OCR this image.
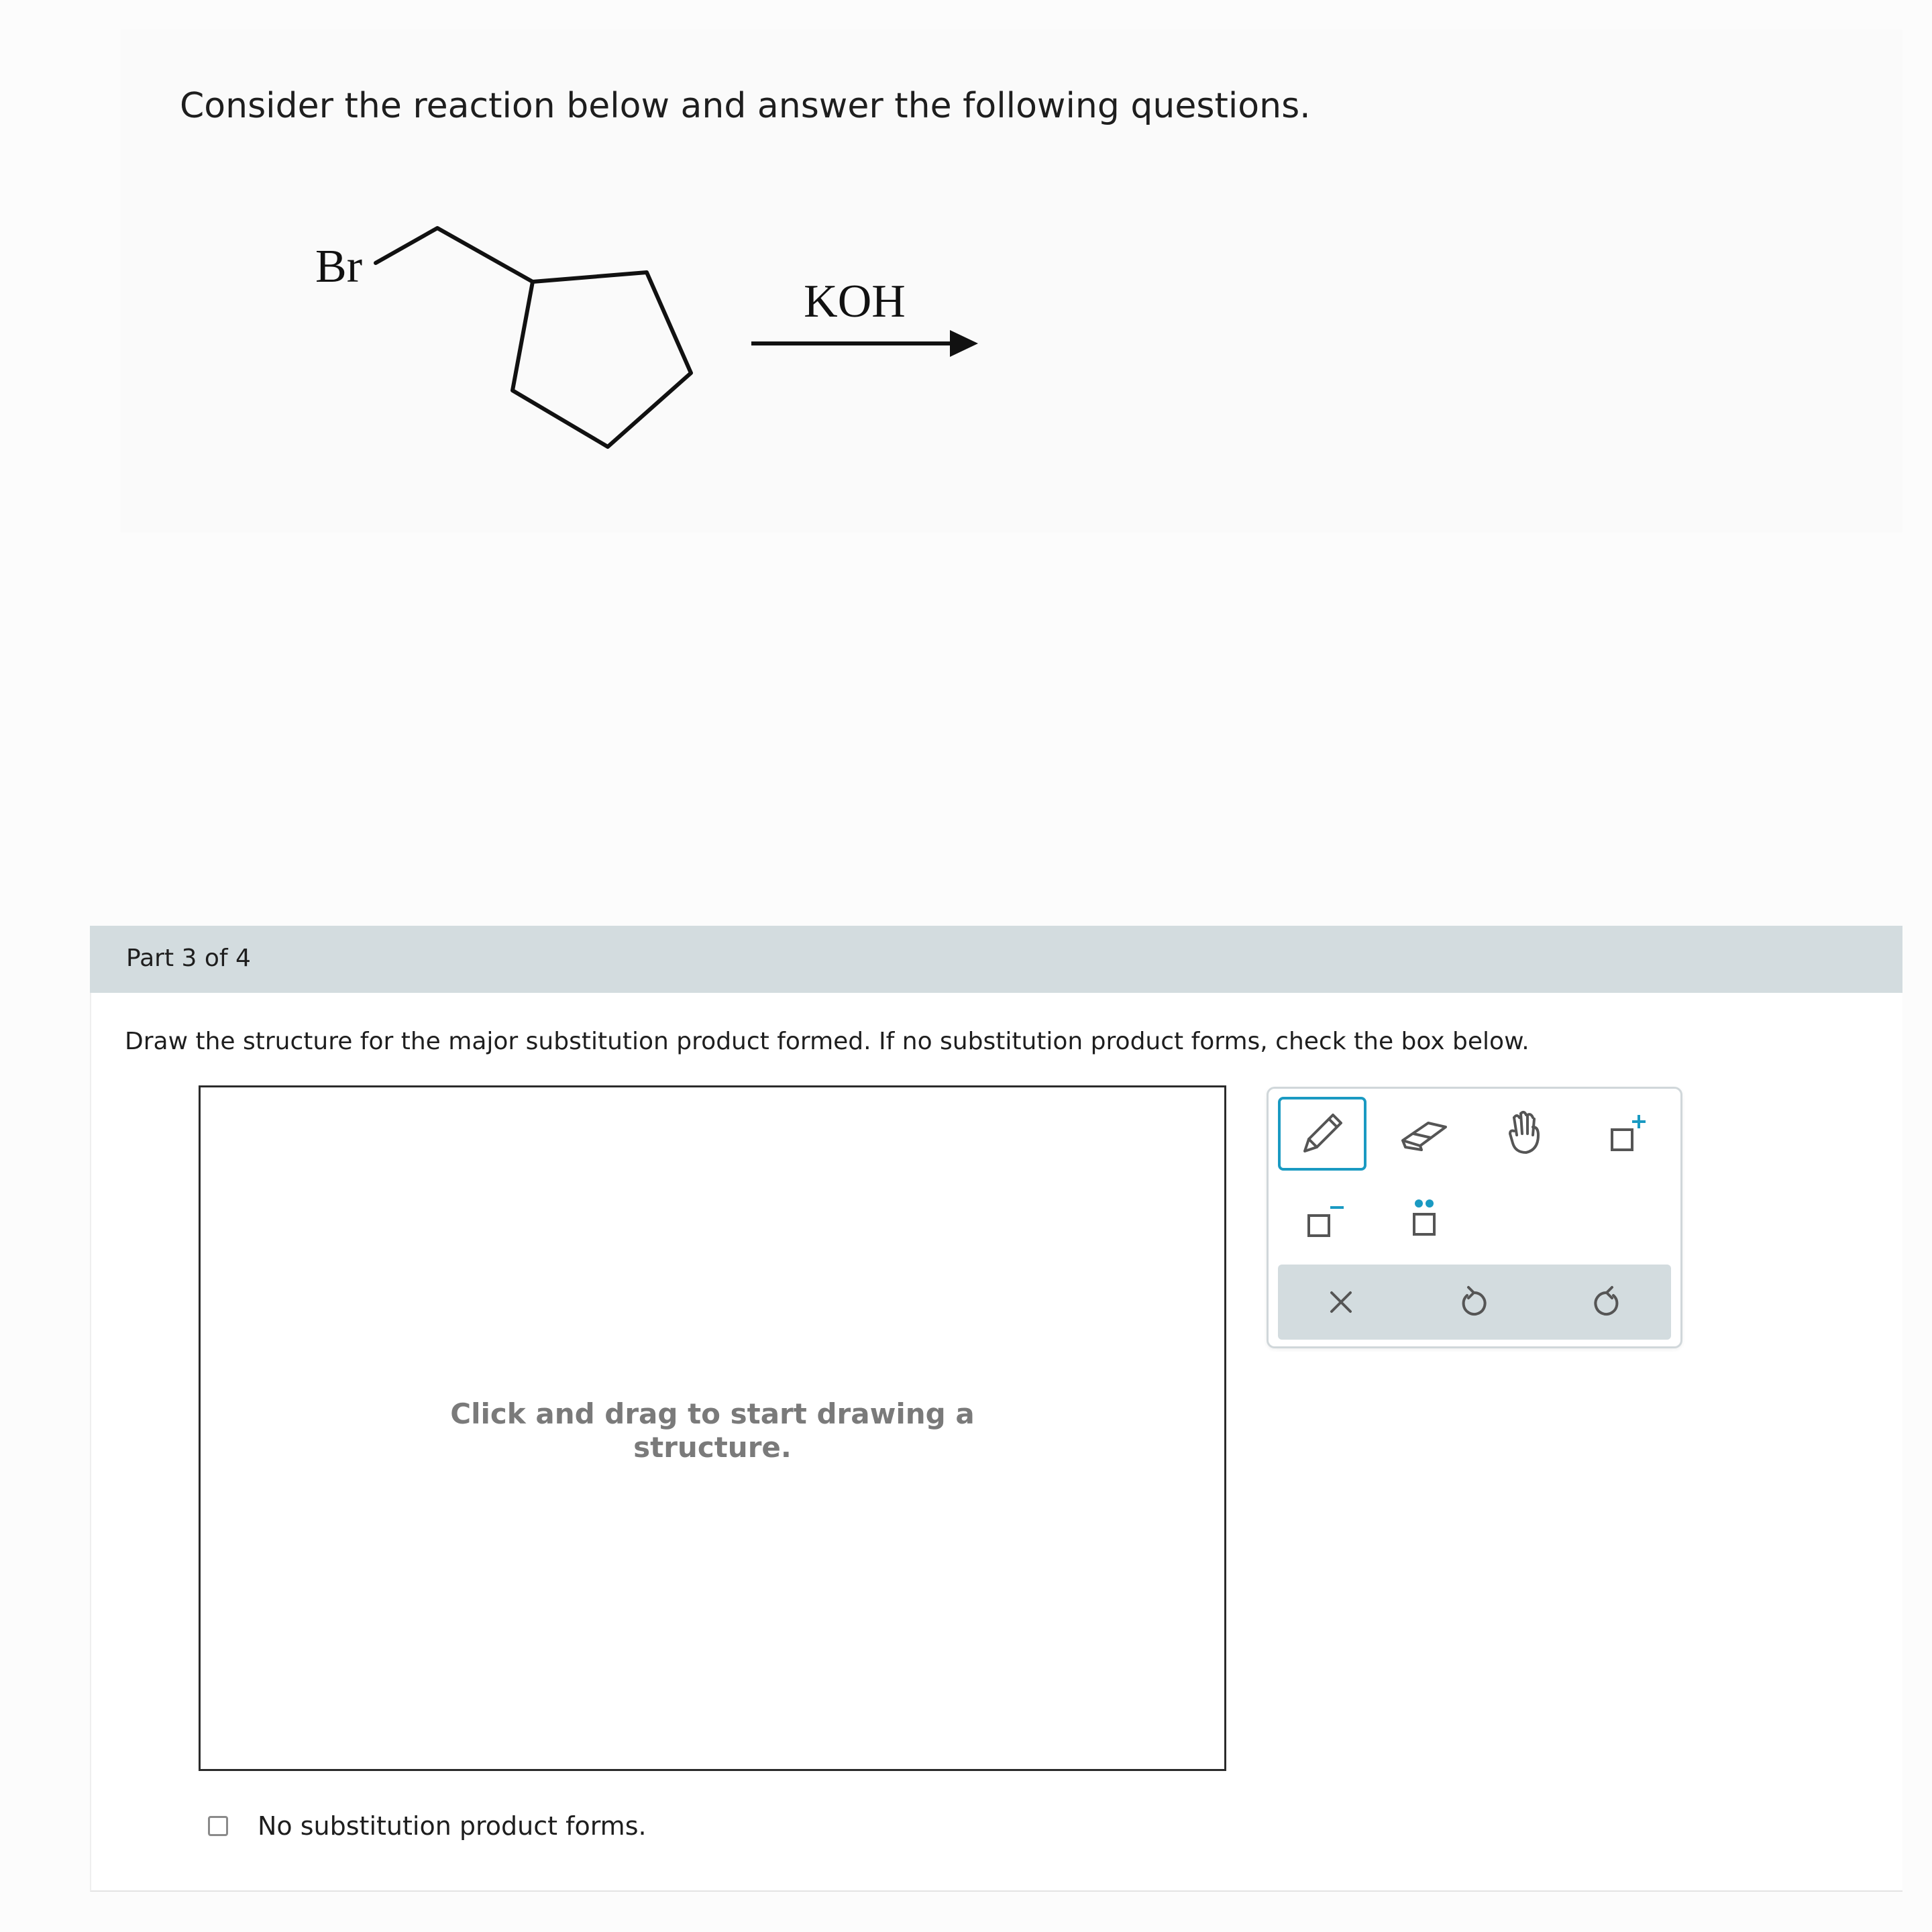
Consider the reaction below and answer the following questions.
Br
KOH
Part 3 of 4
Draw the structure for the major substitution product formed. If no substitution product forms, check the box below.
Click and drag to start drawing a
structure.
No substitution product forms.
